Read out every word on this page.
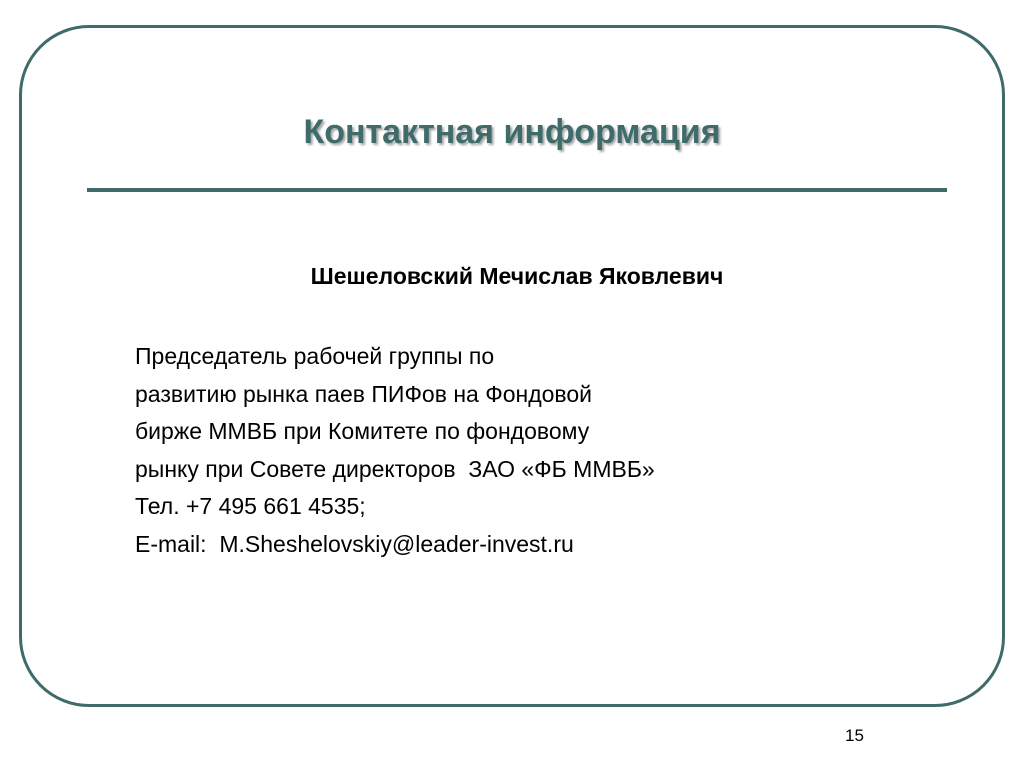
Контактная информация

Шешеловский Мечислав Яковлевич

Председатель рабочей группы по
развитию рынка паев ПИФов на Фондовой
бирже ММВБ при Комитете по фондовому
рынку при Совете директоров  ЗАО «ФБ ММВБ»
Тел. +7 495 661 4535;
E-mail:  M.Sheshelovskiy@leader-invest.ru
15
